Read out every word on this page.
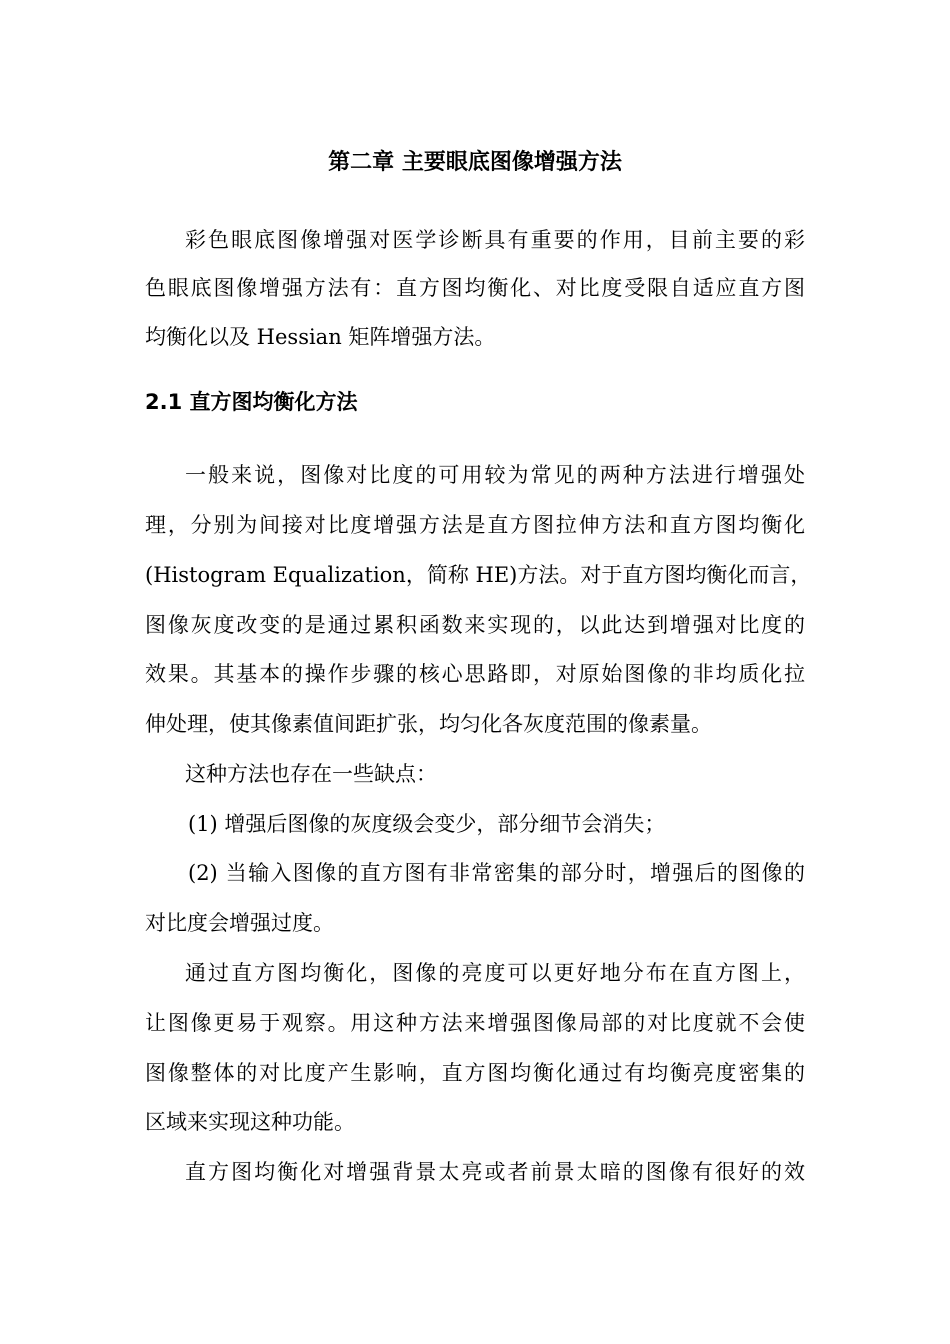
第二章 主要眼底图像增强方法

彩色眼底图像增强对医学诊断具有重要的作用，目前主要的彩

色眼底图像增强方法有：直方图均衡化、对比度受限自适应直方图

均衡化以及 Hessian 矩阵增强方法。

2.1 直方图均衡化方法

一般来说，图像对比度的可用较为常见的两种方法进行增强处

理，分别为间接对比度增强方法是直方图拉伸方法和直方图均衡化

(Histogram Equalization，简称 HE)方法。对于直方图均衡化而言，

图像灰度改变的是通过累积函数来实现的，以此达到增强对比度的

效果。其基本的操作步骤的核心思路即，对原始图像的非均质化拉

伸处理，使其像素值间距扩张，均匀化各灰度范围的像素量。

这种方法也存在一些缺点：

(1) 增强后图像的灰度级会变少，部分细节会消失；

(2) 当输入图像的直方图有非常密集的部分时，增强后的图像的

对比度会增强过度。

通过直方图均衡化，图像的亮度可以更好地分布在直方图上，

让图像更易于观察。用这种方法来增强图像局部的对比度就不会使

图像整体的对比度产生影响，直方图均衡化通过有均衡亮度密集的

区域来实现这种功能。

直方图均衡化对增强背景太亮或者前景太暗的图像有很好的效
